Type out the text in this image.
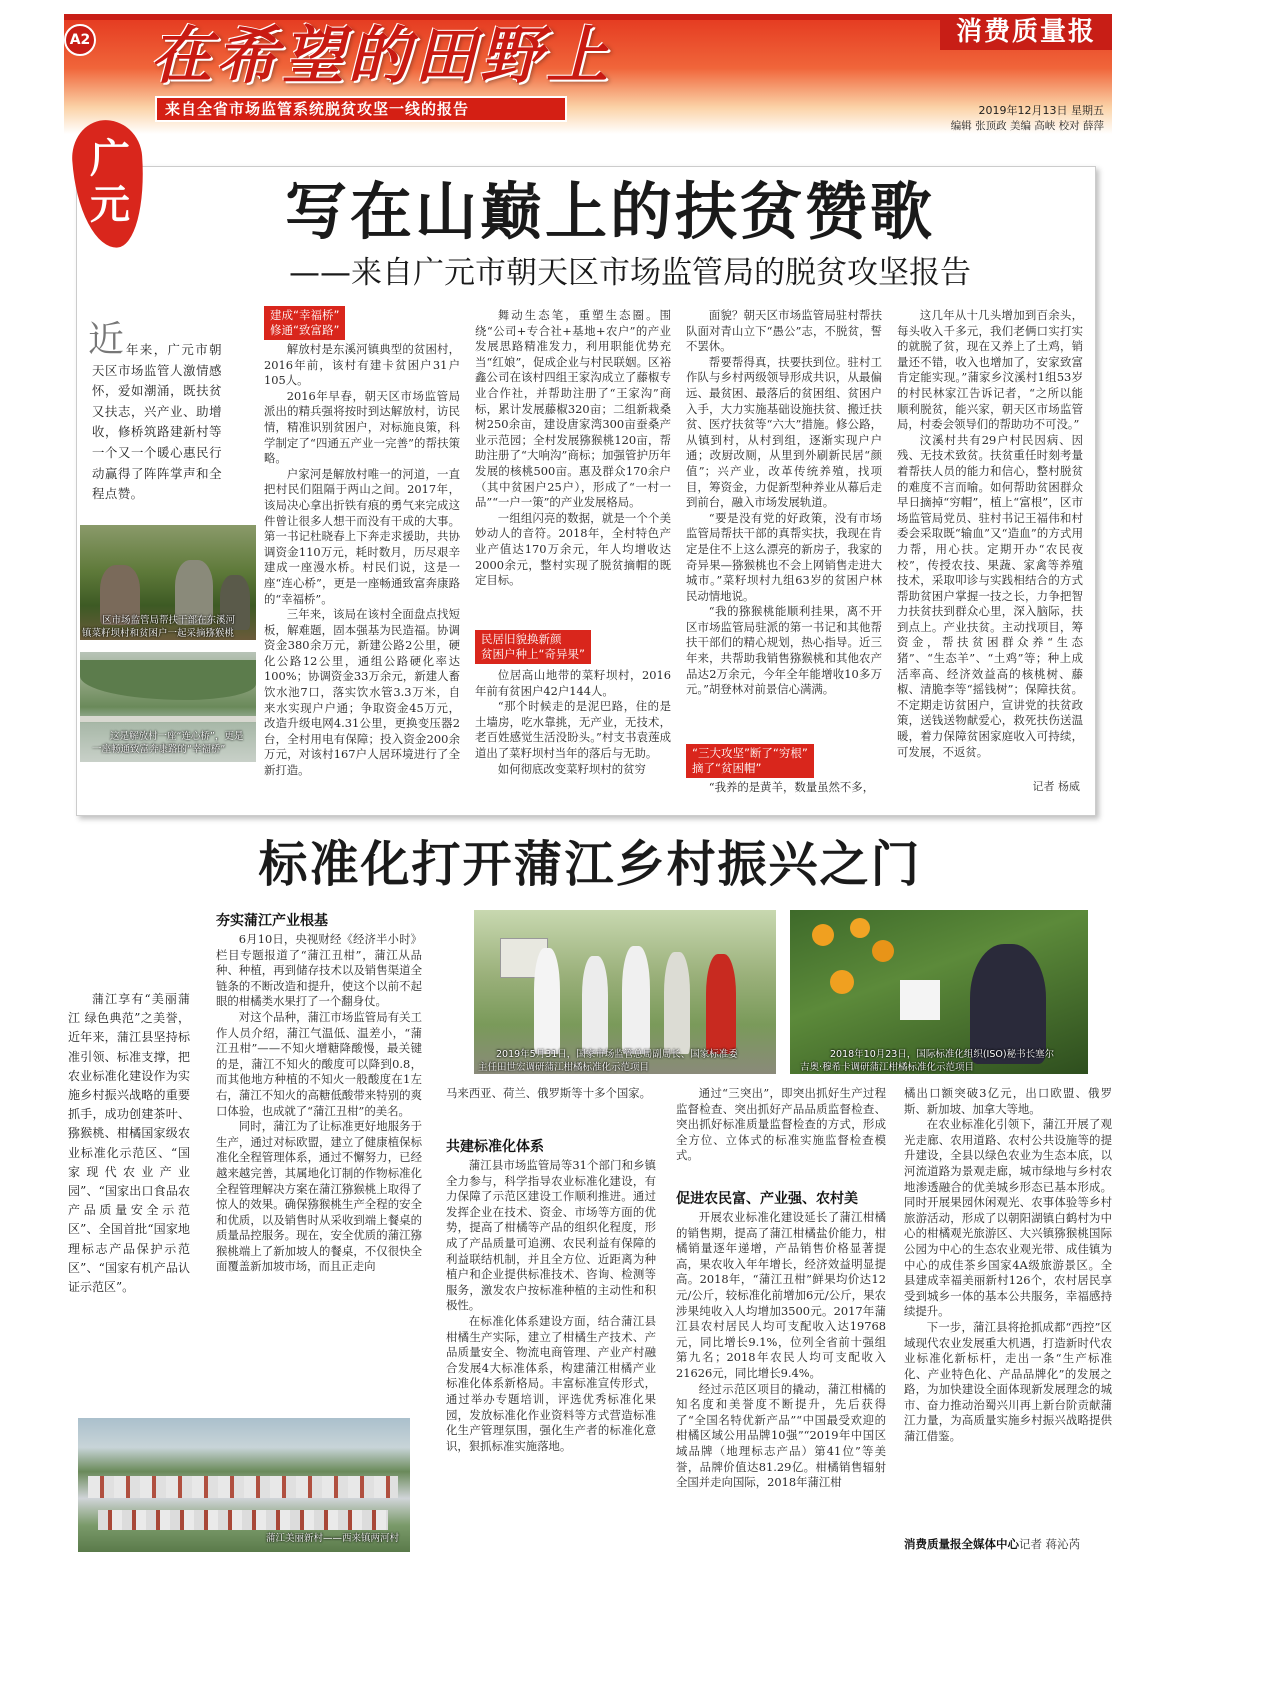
A2 在希望的田野上
来自全省市场监管系统脱贫攻坚一线的报告
消费质量报
2019年12月13日 星期五
编辑 张顶政 美编 高峡 校对 薛萍
广元	写在山巅上的扶贫赞歌
——来自广元市朝天区市场监管局的脱贫攻坚报告
近 年来，广元市朝天区市场监管人激情感怀，爱如潮涌，既扶贫又扶志，兴产业、助增收，修桥筑路建新村等一个又一个暖心惠民行动赢得了阵阵掌声和全程点赞。
区市场监管局帮扶干部在东溪河
镇菜籽坝村和贫困户一起采摘猕猴桃
这是解放村一座“连心桥”，更是
一座畅通致富奔康路的“幸福桥”
建成“幸福桥”
修通“致富路”

解放村是东溪河镇典型的贫困村，2016年前，该村有建卡贫困户31户105人。

2016年早春，朝天区市场监管局派出的精兵强将按时到达解放村，访民情，精准识别贫困户，对标施良策，科学制定了“四通五产业一完善”的帮扶策略。

户家河是解放村唯一的河道，一直把村民们阻隔于两山之间。2017年，该局决心拿出折铁有痕的勇气来完成这件曾让很多人想干而没有干成的大事。第一书记杜晓春上下奔走求援助，共协调资金110万元，耗时数月，历尽艰辛建成一座漫水桥。村民们说，这是一座“连心桥”，更是一座畅通致富奔康路的“幸福桥”。

三年来，该局在该村全面盘点找短板，解难题，固本强基为民造福。协调资金380余万元，新建公路2公里，硬化公路12公里，通组公路硬化率达100%；协调资金33万余元，新建人畜饮水池7口，落实饮水管3.3万米，自来水实现户户通；争取资金45万元，改造升级电网4.31公里，更换变压器2台，全村用电有保障；投入资金200余万元，对该村167户人居环境进行了全新打造。

舞动生态笔，重塑生态圈。围绕“公司+专合社+基地+农户”的产业发展思路精准发力，利用职能优势充当“红娘”，促成企业与村民联姻。区裕鑫公司在该村四组王家沟成立了藤椒专业合作社，并帮助注册了“王家沟”商标，累计发展藤椒320亩；二组新栽桑树250余亩，建设唐家湾300亩蚕桑产业示范园；全村发展猕猴桃120亩，帮助注册了“大响沟”商标；加强管护历年发展的核桃500亩。惠及群众170余户（其中贫困户25户），形成了“一村一品”“一户一策”的产业发展格局。

一组组闪亮的数据，就是一个个美妙动人的音符。2018年，全村特色产业产值达170万余元，年人均增收达2000余元，整村实现了脱贫摘帽的既定目标。

民居旧貌换新颜
贫困户种上“奇异果”

位居高山地带的菜籽坝村，2016年前有贫困户42户144人。

“那个时候走的是泥巴路，住的是土墙房，吃水靠挑，无产业，无技术，老百姓感觉生活没盼头。”村支书袁莲成道出了菜籽坝村当年的落后与无助。

如何彻底改变菜籽坝村的贫穷

面貌？朝天区市场监管局驻村帮扶队面对青山立下“愚公”志，不脱贫，誓不罢休。

帮要帮得真，扶要扶到位。驻村工作队与乡村两级领导形成共识，从最偏远、最贫困、最落后的贫困组、贫困户入手，大力实施基础设施扶贫、搬迁扶贫、医疗扶贫等“六大”措施。修公路，从镇到村，从村到组，逐渐实现户户通；改厨改厕，从里到外刷新民居“颜值”；兴产业，改革传统养殖，找项目，筹资金，力促新型种养业从幕后走到前台，融入市场发展轨道。

“要是没有党的好政策，没有市场监管局帮扶干部的真帮实扶，我现在肯定是住不上这么漂亮的新房子，我家的奇异果—猕猴桃也不会上网销售走进大城市。”菜籽坝村九组63岁的贫困户林民动情地说。

“我的猕猴桃能顺利挂果，离不开区市场监管局驻派的第一书记和其他帮扶干部们的精心规划，热心指导。近三年来，共帮助我销售猕猴桃和其他农产品达2万余元，今年全年能增收10多万元。”胡登林对前景信心满满。

“三大攻坚”断了“穷根”
摘了“贫困帽”

“我养的是黄羊，数量虽然不多，

这几年从十几头增加到百余头，每头收入千多元，我们老俩口实打实的就脱了贫，现在又养上了土鸡，销量还不错，收入也增加了，安家致富肯定能实现。”蒲家乡汶溪村1组53岁的村民林家江告诉记者，“之所以能顺利脱贫，能兴家，朝天区市场监管局，村委会领导们的帮助功不可没。”

汶溪村共有29户村民因病、因残、无技术致贫。扶贫重任时刻考量着帮扶人员的能力和信心，整村脱贫的难度不言而喻。如何帮助贫困群众早日摘掉“穷帽”，植上“富根”，区市场监管局党员、驻村书记王福伟和村委会采取既“输血”又“造血”的方式用力帮，用心扶。定期开办“农民夜校”，传授农技、果蔬、家禽等养殖技术，采取叩诊与实践相结合的方式帮助贫困户掌握一技之长，力争把智力扶贫扶到群众心里，深入脑际，扶到点上。产业扶贫。主动找项目，筹资金，帮扶贫困群众养“生态猪”、“生态羊”、“土鸡”等；种上成活率高、经济效益高的核桃树、藤椒、清脆李等“摇钱树”；保障扶贫。不定期走访贫困户，宣讲党的扶贫政策，送钱送物献爱心，救死扶伤送温暖，着力保障贫困家庭收入可持续，可发展，不返贫。

记者 杨威
标准化打开蒲江乡村振兴之门
蒲江享有“美丽蒲江 绿色典范”之美誉，近年来，蒲江县坚持标准引领、标准支撑，把农业标准化建设作为实施乡村振兴战略的重要抓手，成功创建茶叶、猕猴桃、柑橘国家级农业标准化示范区、“国家现代农业产业园”、“国家出口食品农产品质量安全示范区”、全国首批“国家地理标志产品保护示范区”、“国家有机产品认证示范区”。
蒲江美丽新村——西来镇两河村
2019年5月31日，国家市场监管总局副局长、国家标准委
主任田世宏调研蒲江柑橘标准化示范项目
2018年10月23日，国际标准化组织(ISO)秘书长塞尔
吉奥·穆希卡调研蒲江柑橘标准化示范项目
夯实蒲江产业根基

6月10日，央视财经《经济半小时》栏目专题报道了“蒲江丑柑”，蒲江从品种、种植，再到储存技术以及销售渠道全链条的不断改造和提升，使这个以前不起眼的柑橘类水果打了一个翻身仗。

对这个品种，蒲江市场监管局有关工作人员介绍，蒲江气温低、温差小，“蒲江丑柑”——不知火增糖降酸慢，最关键的是，蒲江不知火的酸度可以降到0.8，而其他地方种植的不知火一般酸度在1左右，蒲江不知火的高糖低酸带来特别的爽口体验，也成就了“蒲江丑柑”的美名。

同时，蒲江为了让标准更好地服务于生产，通过对标欧盟，建立了健康植保标准化全程管理体系，通过不懈努力，已经越来越完善，其属地化订制的作物标准化全程管理解决方案在蒲江猕猴桃上取得了惊人的效果。确保猕猴桃生产全程的安全和优质，以及销售时从采收到端上餐桌的质量品控服务。现在，安全优质的蒲江猕猴桃端上了新加坡人的餐桌，不仅很快全面覆盖新加坡市场，而且正走向

马来西亚、荷兰、俄罗斯等十多个国家。

共建标准化体系

蒲江县市场监管局等31个部门和乡镇全力参与，科学指导农业标准化建设，有力保障了示范区建设工作顺利推进。通过发挥企业在技术、资金、市场等方面的优势，提高了柑橘等产品的组织化程度，形成了产品质量可追溯、农民利益有保障的利益联结机制，并且全方位、近距离为种植户和企业提供标准技术、咨询、检测等服务，激发农户按标准种植的主动性和积极性。

在标准化体系建设方面，结合蒲江县柑橘生产实际，建立了柑橘生产技术、产品质量安全、物流电商管理、产业产村融合发展4大标准体系，构建蒲江柑橘产业标准化体系新格局。丰富标准宣传形式，通过举办专题培训，评选优秀标准化果园，发放标准化作业资料等方式营造标准化生产管理氛围，强化生产者的标准化意识，狠抓标准实施落地。

通过“三突出”，即突出抓好生产过程监督检查、突出抓好产品品质监督检查、突出抓好标准质量监督检查的方式，形成全方位、立体式的标准实施监督检查模式。

促进农民富、产业强、农村美

开展农业标准化建设延长了蒲江柑橘的销售期，提高了蒲江柑橘盐价能力，柑橘销量逐年递增，产品销售价格显著提高，果农收入年年增长，经济效益明显提高。2018年，“蒲江丑柑”鲜果均价达12元/公斤，较标准化前增加6元/公斤，果农涉果纯收入人均增加3500元。2017年蒲江县农村居民人均可支配收入达19768元，同比增长9.1%，位列全省前十强组第九名；2018年农民人均可支配收入21626元，同比增长9.4%。

经过示范区项目的撬动，蒲江柑橘的知名度和美誉度不断提升，先后获得了“全国名特优新产品”“中国最受欢迎的柑橘区域公用品牌10强”“2019年中国区域品牌（地理标志产品）第41位”等美誉，品牌价值达81.29亿。柑橘销售辐射全国并走向国际，2018年蒲江柑

橘出口额突破3亿元，出口欧盟、俄罗斯、新加坡、加拿大等地。

在农业标准化引领下，蒲江开展了观光走廊、农用道路、农村公共设施等的提升建设，全县以绿色农业为生态本底，以河流道路为景观走廊，城市绿地与乡村农地渗透融合的优美城乡形态已基本形成。同时开展果园休闲观光、农事体验等乡村旅游活动，形成了以朝阳湖镇白鹤村为中心的柑橘观光旅游区、大兴镇猕猴桃国际公园为中心的生态农业观光带、成佳镇为中心的成佳茶乡国家4A级旅游景区。全县建成幸福美丽新村126个，农村居民享受到城乡一体的基本公共服务，幸福感持续提升。

下一步，蒲江县将抢抓成都“西控”区域现代农业发展重大机遇，打造新时代农业标准化新标杆，走出一条“生产标准化、产业特色化、产品品牌化”的发展之路，为加快建设全面体现新发展理念的城市、奋力推动治蜀兴川再上新台阶贡献蒲江力量，为高质量实施乡村振兴战略提供蒲江借鉴。

消费质量报全媒体中心记者 蒋沁芮
